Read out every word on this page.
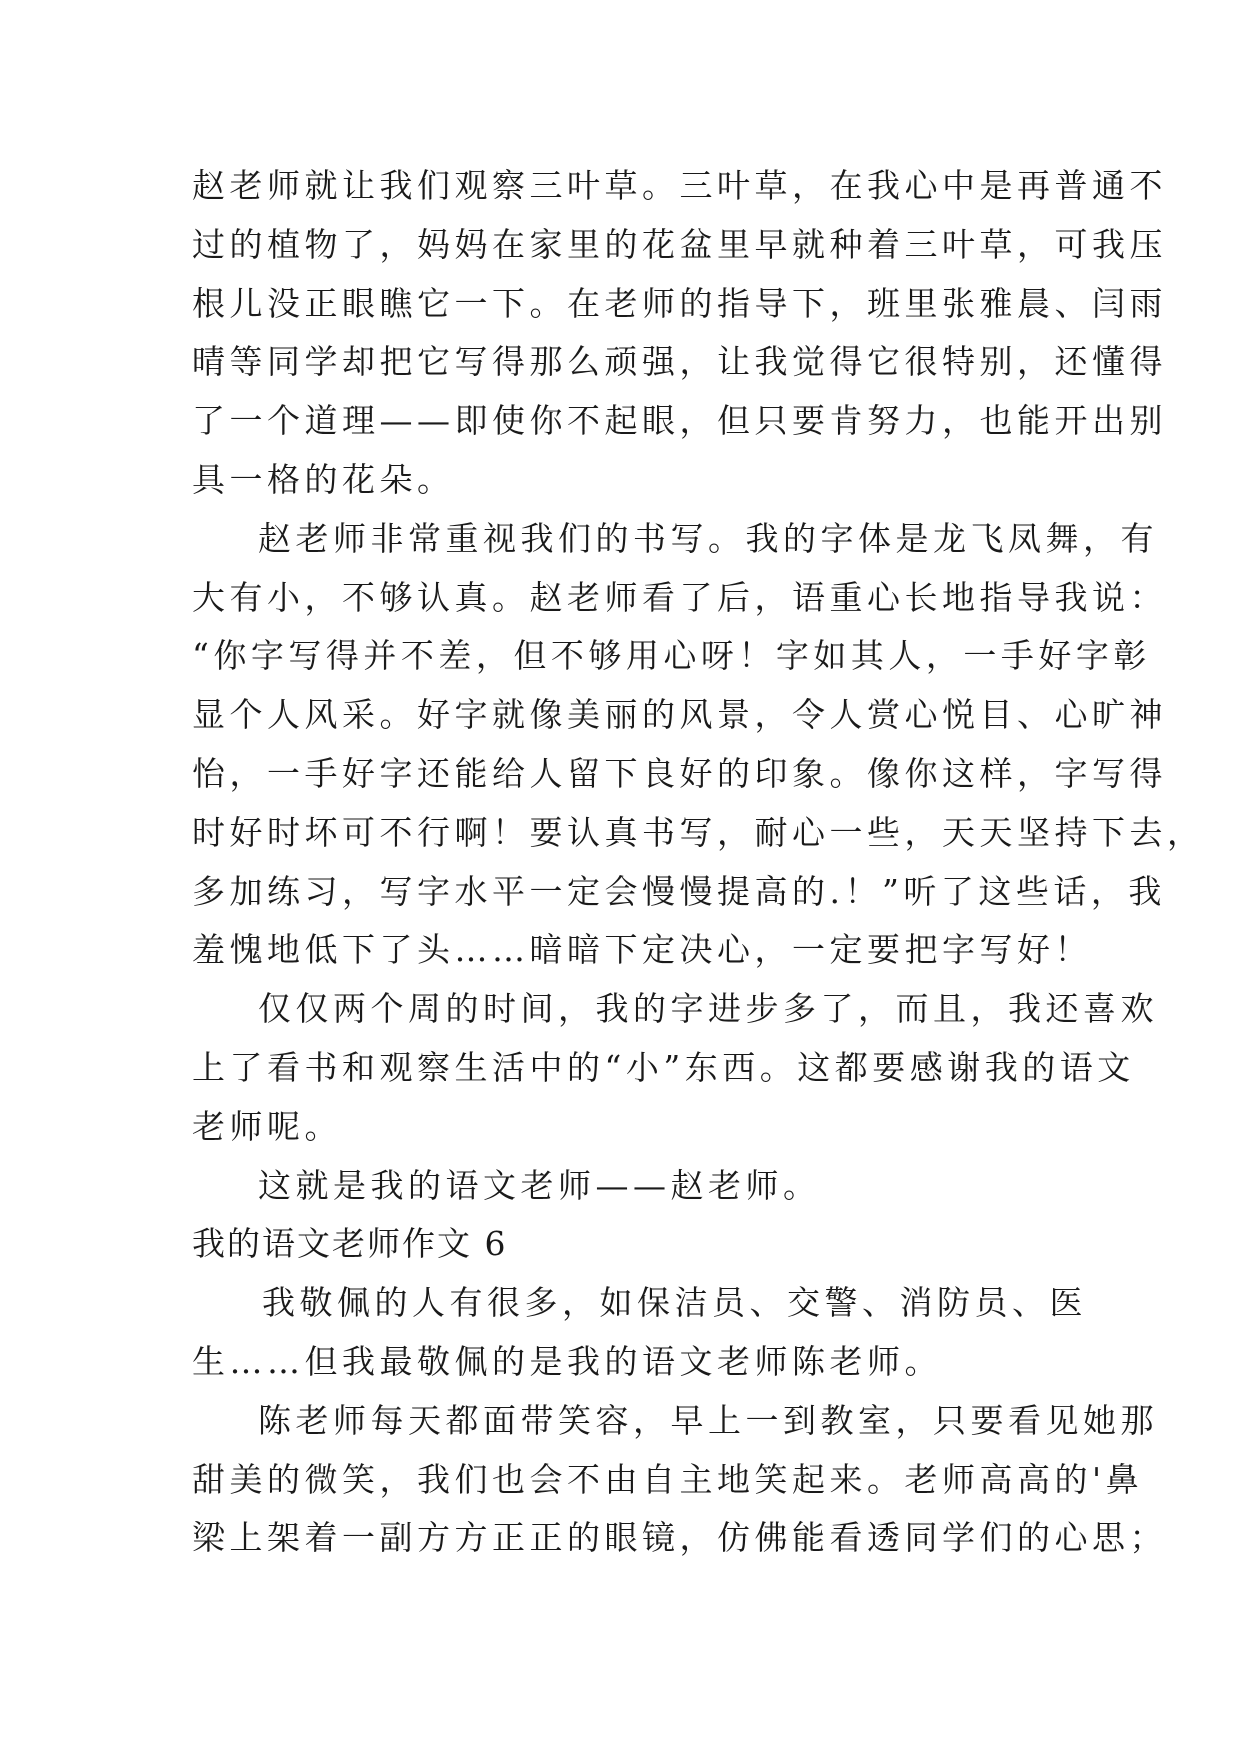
赵老师就让我们观察三叶草。三叶草，在我心中是再普通不
过的植物了，妈妈在家里的花盆里早就种着三叶草，可我压
根儿没正眼瞧它一下。在老师的指导下，班里张雅晨、闫雨
晴等同学却把它写得那么顽强，让我觉得它很特别，还懂得
了一个道理——即使你不起眼，但只要肯努力，也能开出别
具一格的花朵。
赵老师非常重视我们的书写。我的字体是龙飞凤舞，有
大有小，不够认真。赵老师看了后，语重心长地指导我说：
“你字写得并不差，但不够用心呀！字如其人，一手好字彰
显个人风采。好字就像美丽的风景，令人赏心悦目、心旷神
怡，一手好字还能给人留下良好的印象。像你这样，字写得
时好时坏可不行啊！要认真书写，耐心一些，天天坚持下去，
多加练习，写字水平一定会慢慢提高的.！”听了这些话，我
羞愧地低下了头……暗暗下定决心，一定要把字写好！
仅仅两个周的时间，我的字进步多了，而且，我还喜欢
上了看书和观察生活中的“小”东西。这都要感谢我的语文
老师呢。
这就是我的语文老师——赵老师。
我的语文老师作文 6
我敬佩的人有很多，如保洁员、交警、消防员、医
生……但我最敬佩的是我的语文老师陈老师。
陈老师每天都面带笑容，早上一到教室，只要看见她那
甜美的微笑，我们也会不由自主地笑起来。老师高高的'鼻
梁上架着一副方方正正的眼镜，仿佛能看透同学们的心思；
